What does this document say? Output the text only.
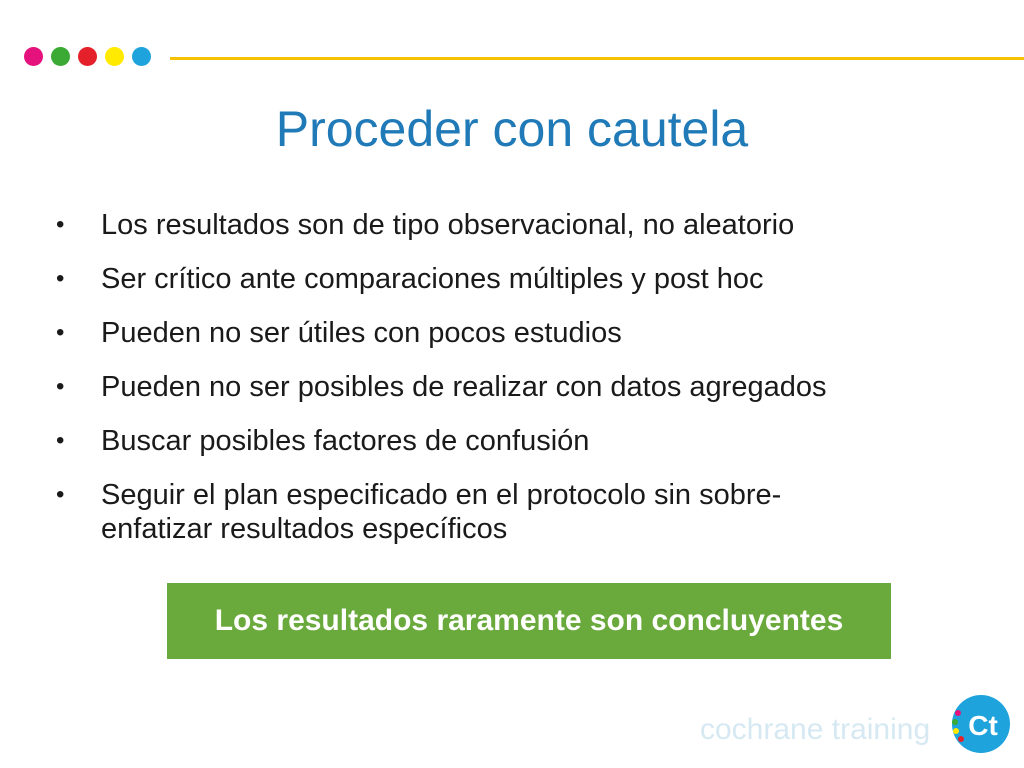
Proceder con cautela
•	Los resultados son de tipo observacional, no aleatorio
•	Ser crítico ante comparaciones múltiples y post hoc
•	Pueden no ser útiles con pocos estudios
•	Pueden no ser posibles de realizar con datos agregados
•	Buscar posibles factores de confusión
•	Seguir el plan especificado en el protocolo sin sobre-
enfatizar resultados específicos
Los resultados raramente son concluyentes
cochrane training Ct
